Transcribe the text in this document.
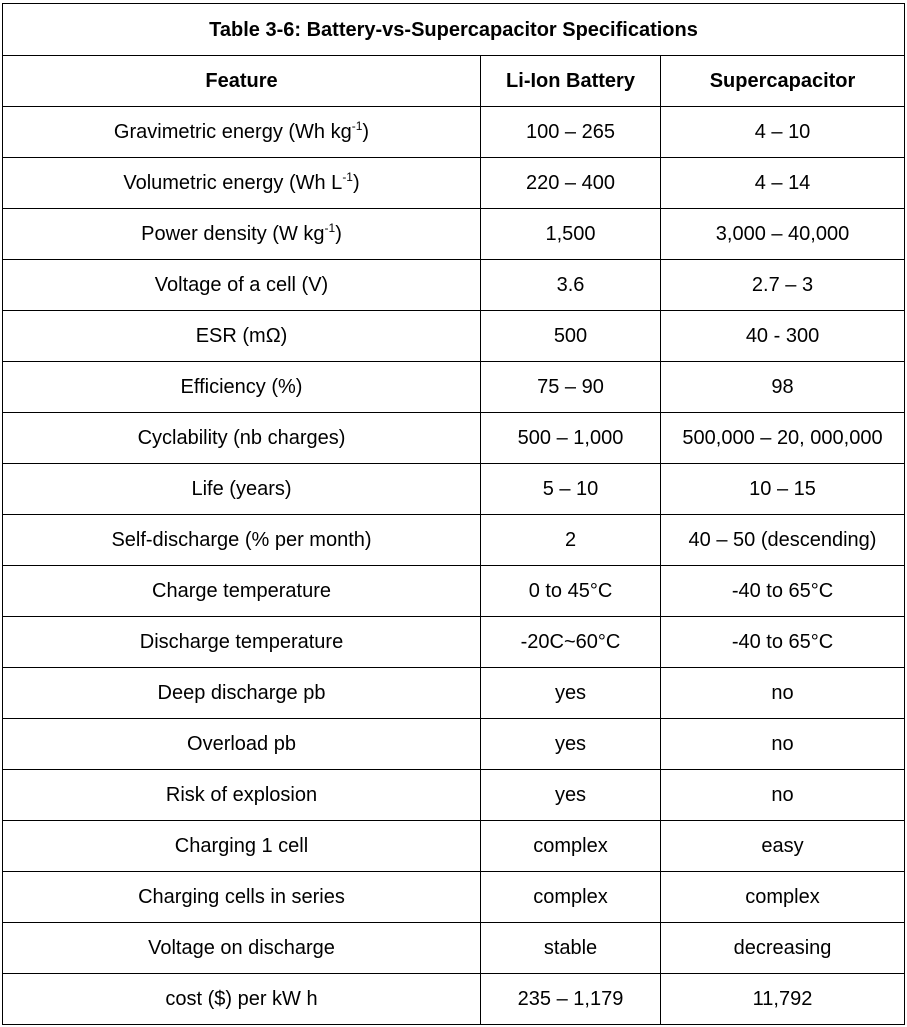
Table 3-6: Battery-vs-Supercapacitor Specifications		
Feature	Li-Ion Battery	Supercapacitor
Gravimetric energy (Wh $kg^{-1}$)	100 – 265	4 – 10
Volumetric energy (Wh $L^{-1}$)	220 – 400	4 – 14
Power density (W $kg^{-1}$)	1,500	3,000 – 40,000
Voltage of a cell (V)	3.6	2.7 – 3
ESR (mΩ)	500	40 - 300
Efficiency (%)	75 – 90	98
Cyclability (nb charges)	500 – 1,000	500,000 – 20, 000,000
Life (years)	5 – 10	10 – 15
Self-discharge (% per month)	2	40 – 50 (descending)
Charge temperature	0 to 45°C	-40 to 65°C
Discharge temperature	-20C~60°C	-40 to 65°C
Deep discharge pb	yes	no
Overload pb	yes	no
Risk of explosion	yes	no
Charging 1 cell	complex	easy
Charging cells in series	complex	complex
Voltage on discharge	stable	decreasing
cost ($) per kW h	235 – 1,179	11,792
